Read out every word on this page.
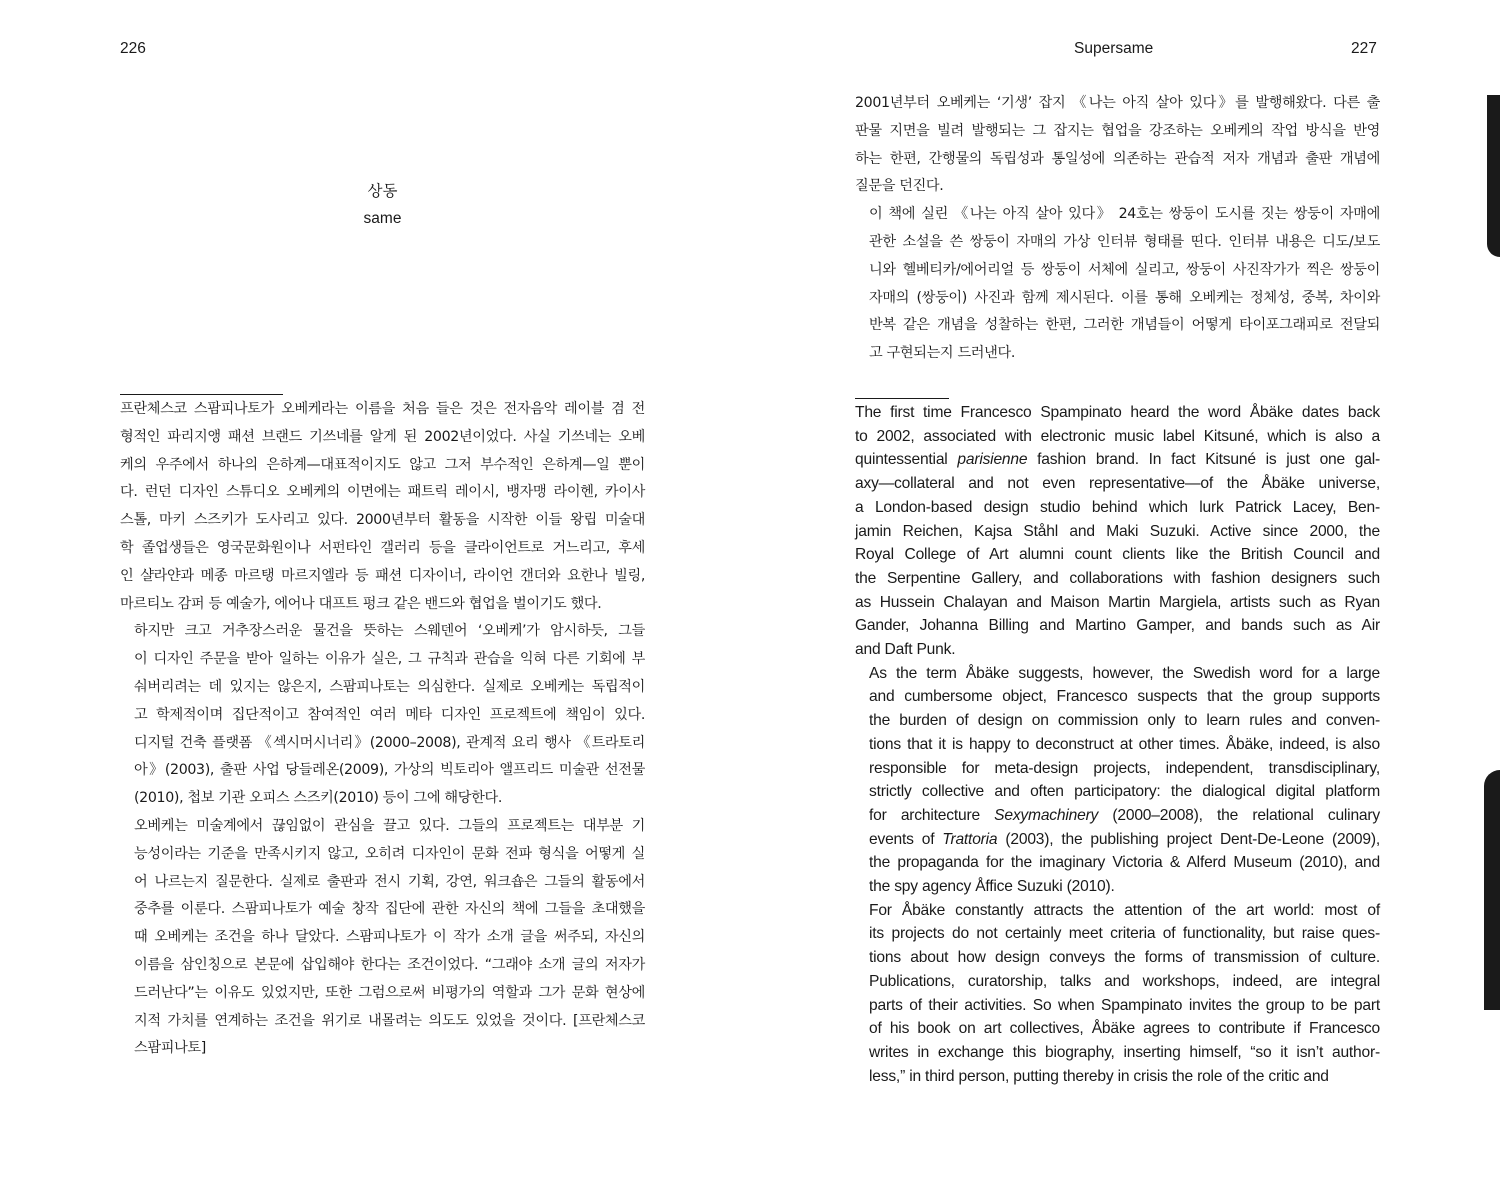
226
상동
same

프란체스코 스팜피나토가 오베케라는 이름을 처음 들은 것은 전자음악 레이블 겸 전
형적인 파리지앵 패션 브랜드 기쓰네를 알게 된 2002년이었다. 사실 기쓰네는 오베
케의 우주에서 하나의 은하계—대표적이지도 않고 그저 부수적인 은하계—일 뿐이
다. 런던 디자인 스튜디오 오베케의 이면에는 패트릭 레이시, 뱅자맹 라이헨, 카이사
스톨, 마키 스즈키가 도사리고 있다. 2000년부터 활동을 시작한 이들 왕립 미술대
학 졸업생들은 영국문화원이나 서펀타인 갤러리 등을 클라이언트로 거느리고, 후세
인 샬라얀과 메종 마르탱 마르지엘라 등 패션 디자이너, 라이언 갠더와 요한나 빌링,
마르티노 감퍼 등 예술가, 에어나 대프트 펑크 같은 밴드와 협업을 벌이기도 했다.

하지만 크고 거추장스러운 물건을 뜻하는 스웨덴어 ‘오베케’가 암시하듯, 그들
이 디자인 주문을 받아 일하는 이유가 실은, 그 규칙과 관습을 익혀 다른 기회에 부
숴버리려는 데 있지는 않은지, 스팜피나토는 의심한다. 실제로 오베케는 독립적이
고 학제적이며 집단적이고 참여적인 여러 메타 디자인 프로젝트에 책임이 있다.
디지털 건축 플랫폼 《섹시머시너리》(2000–2008), 관계적 요리 행사 《트라토리
아》(2003), 출판 사업 당들레온(2009), 가상의 빅토리아 앨프리드 미술관 선전물
(2010), 첩보 기관 오피스 스즈키(2010) 등이 그에 해당한다.

오베케는 미술계에서 끊임없이 관심을 끌고 있다. 그들의 프로젝트는 대부분 기
능성이라는 기준을 만족시키지 않고, 오히려 디자인이 문화 전파 형식을 어떻게 실
어 나르는지 질문한다. 실제로 출판과 전시 기획, 강연, 워크숍은 그들의 활동에서
중추를 이룬다. 스팜피나토가 예술 창작 집단에 관한 자신의 책에 그들을 초대했을
때 오베케는 조건을 하나 달았다. 스팜피나토가 이 작가 소개 글을 써주되, 자신의
이름을 삼인칭으로 본문에 삽입해야 한다는 조건이었다. “그래야 소개 글의 저자가
드러난다”는 이유도 있었지만, 또한 그럼으로써 비평가의 역할과 그가 문화 현상에
지적 가치를 연계하는 조건을 위기로 내몰려는 의도도 있었을 것이다. [프란체스코
스팜피나토]

Supersame	227

2001년부터 오베케는 ‘기생’ 잡지 《나는 아직 살아 있다》를 발행해왔다. 다른 출
판물 지면을 빌려 발행되는 그 잡지는 협업을 강조하는 오베케의 작업 방식을 반영
하는 한편, 간행물의 독립성과 통일성에 의존하는 관습적 저자 개념과 출판 개념에
질문을 던진다.

이 책에 실린 《나는 아직 살아 있다》 24호는 쌍둥이 도시를 짓는 쌍둥이 자매에
관한 소설을 쓴 쌍둥이 자매의 가상 인터뷰 형태를 띤다. 인터뷰 내용은 디도/보도
니와 헬베티카/에어리얼 등 쌍둥이 서체에 실리고, 쌍둥이 사진작가가 찍은 쌍둥이
자매의 (쌍둥이) 사진과 함께 제시된다. 이를 통해 오베케는 정체성, 중복, 차이와
반복 같은 개념을 성찰하는 한편, 그러한 개념들이 어떻게 타이포그래피로 전달되
고 구현되는지 드러낸다.

The first time Francesco Spampinato heard the word Åbäke dates back
to 2002, associated with electronic music label Kitsuné, which is also a
quintessential parisienne fashion brand. In fact Kitsuné is just one gal-
axy—collateral and not even representative—of the Åbäke universe,
a London-based design studio behind which lurk Patrick Lacey, Ben-
jamin Reichen, Kajsa Ståhl and Maki Suzuki. Active since 2000, the
Royal College of Art alumni count clients like the British Council and
the Serpentine Gallery, and collaborations with fashion designers such
as Hussein Chalayan and Maison Martin Margiela, artists such as Ryan
Gander, Johanna Billing and Martino Gamper, and bands such as Air
and Daft Punk.

As the term Åbäke suggests, however, the Swedish word for a large
and cumbersome object, Francesco suspects that the group supports
the burden of design on commission only to learn rules and conven-
tions that it is happy to deconstruct at other times. Åbäke, indeed, is also
responsible for meta-design projects, independent, transdisciplinary,
strictly collective and often participatory: the dialogical digital platform
for architecture Sexymachinery (2000–2008), the relational culinary
events of Trattoria (2003), the publishing project Dent-De-Leone (2009),
the propaganda for the imaginary Victoria & Alferd Museum (2010), and
the spy agency Åffice Suzuki (2010).

For Åbäke constantly attracts the attention of the art world: most of
its projects do not certainly meet criteria of functionality, but raise ques-
tions about how design conveys the forms of transmission of culture.
Publications, curatorship, talks and workshops, indeed, are integral
parts of their activities. So when Spampinato invites the group to be part
of his book on art collectives, Åbäke agrees to contribute if Francesco
writes in exchange this biography, inserting himself, “so it isn’t author-
less,” in third person, putting thereby in crisis the role of the critic and
